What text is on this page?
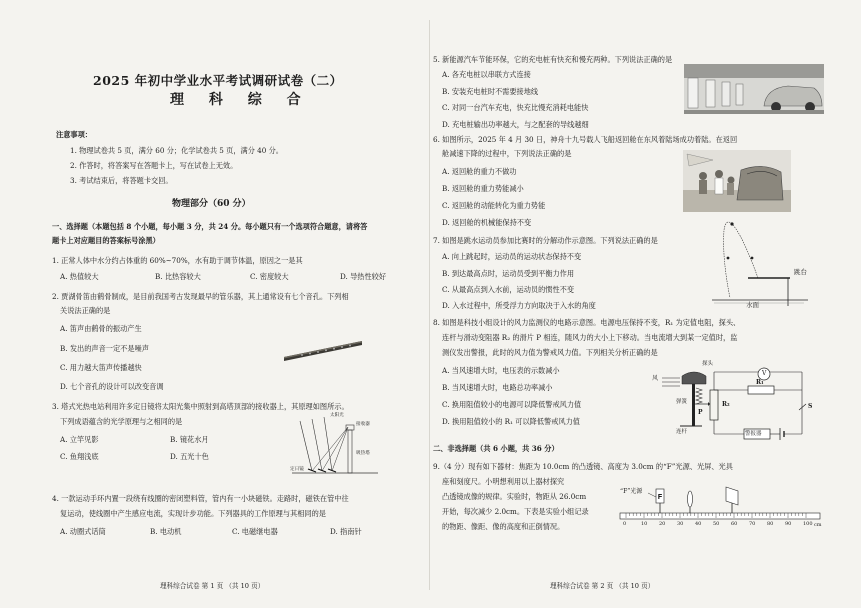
2025 年初中学业水平考试调研试卷（二）
理 科 综 合
注意事项：
1. 物理试卷共 5 页，满分 60 分；化学试卷共 5 页，满分 40 分。
2. 作答时，将答案写在答题卡上，写在试卷上无效。
3. 考试结束后，将答题卡交回。
物理部分（60 分）
一、选择题（本题包括 8 个小题，每小题 3 分，共 24 分。每小题只有一个选项符合题意，请将答
题卡上对应题目的答案标号涂黑）
1. 正常人体中水分约占体重的 60%~70%，水有助于调节体温，原因之一是其
A. 热值较大	B. 比热容较大	C. 密度较大	D. 导热性较好
2. 贾湖骨笛由鹤骨制成，是目前我国考古发现最早的管乐器，其上通常设有七个音孔。下列相
关说法正确的是
A. 笛声由鹤骨的振动产生
B. 发出的声音一定不是噪声
C. 用力越大笛声传播越快
D. 七个音孔的设计可以改变音调
3. 塔式光热电站利用许多定日镜将太阳光集中照射到高塔顶部的接收器上，其原理如图所示。
下列成语蕴含的光学原理与之相同的是
A. 立竿见影	B. 镜花水月
C. 鱼翔浅底	D. 五光十色
太阳光
接收器
吸热塔
定日镜
4. 一款运动手环内置一段绕有线圈的密闭塑料管，管内有一小块磁铁。走路时，磁铁在管中往
复运动，使线圈中产生感应电流，实现计步功能。下列器具的工作原理与其相同的是
A. 动圈式话筒	B. 电动机	C. 电磁继电器	D. 指南针
理科综合试卷 第 1 页 （共 10 页）
5. 新能源汽车节能环保，它的充电桩有快充和慢充两种。下列说法正确的是
A. 各充电桩以串联方式连接
B. 安装充电桩时不需要接地线
C. 对同一台汽车充电，快充比慢充消耗电能快
D. 充电桩输出功率越大，与之配套的导线越细
6. 如图所示，2025 年 4 月 30 日，神舟十九号载人飞船返回舱在东风着陆场成功着陆。在返回
舱减速下降的过程中，下列说法正确的是
A. 返回舱的重力不做功
B. 返回舱的重力势能减小
C. 返回舱的动能转化为重力势能
D. 返回舱的机械能保持不变
7. 如图是跳水运动员参加比赛时的分解动作示意图。下列说法正确的是
A. 向上跳起时，运动员的运动状态保持不变
B. 到达最高点时，运动员受到平衡力作用
C. 从最高点到入水前，运动员的惯性不变
D. 入水过程中，所受浮力方向取决于入水的角度
跳台
水面
8. 如图是科技小组设计的风力监测仪的电路示意图。电源电压保持不变，R₁ 为定值电阻，探头、
连杆与滑动变阻器 R₂ 的滑片 P 相连，随风力的大小上下移动。当电流增大到某一定值时，监
测仪发出警报，此时的风力值为警戒风力值。下列相关分析正确的是
A. 当风速增大时，电压表的示数减小
B. 当风速增大时，电路总功率减小
C. 换用阻值较小的电源可以降低警戒风力值
D. 换用阻值较小的 R₁ 可以降低警戒风力值
探头
风
弹簧
连杆	警报器
V
R₁
R₂
P
S
二、非选择题（共 6 小题，共 36 分）
9.（4 分）现有如下器材：焦距为 10.0cm 的凸透镜、高度为 3.0cm 的“F”光源、光屏、光具
座和刻度尺。小明想利用以上器材探究
凸透镜成像的规律。实验时，物距从 26.0cm
开始，每次减少 2.0cm。下表是实验小组记录
的物距、像距、像的高度和正倒情况。
“F”光源
F
0	10 20 30 40 50 60 70 80 90 100 cm
理科综合试卷 第 2 页 （共 10 页）
